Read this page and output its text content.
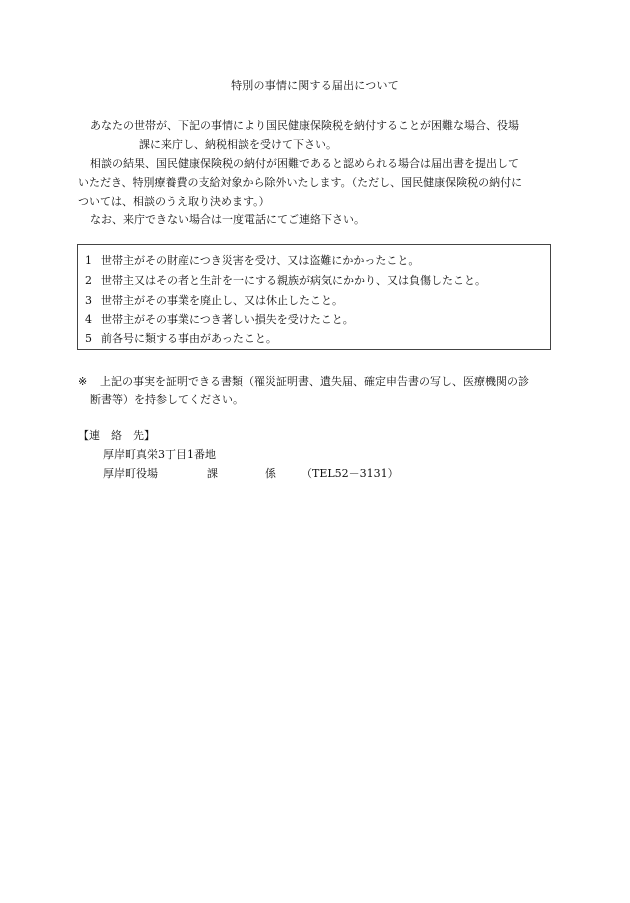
特別の事情に関する届出について
あなたの世帯が、下記の事情により国民健康保険税を納付することが困難な場合、役場
課に来庁し、納税相談を受けて下さい。
相談の結果、国民健康保険税の納付が困難であると認められる場合は届出書を提出して
いただき、特別療養費の支給対象から除外いたします。（ただし、国民健康保険税の納付に
ついては、相談のうえ取り決めます。）
なお、来庁できない場合は一度電話にてご連絡下さい。
1 世帯主がその財産につき災害を受け、又は盗難にかかったこと。
2 世帯主又はその者と生計を一にする親族が病気にかかり、又は負傷したこと。
3 世帯主がその事業を廃止し、又は休止したこと。
4 世帯主がその事業につき著しい損失を受けたこと。
5 前各号に類する事由があったこと。
※ 上記の事実を証明できる書類（罹災証明書、遺失届、確定申告書の写し、医療機関の診
断書等）を持参してください。
【連　絡　先】
厚岸町真栄3丁目1番地
厚岸町役場	課	係 （TEL52－3131）
